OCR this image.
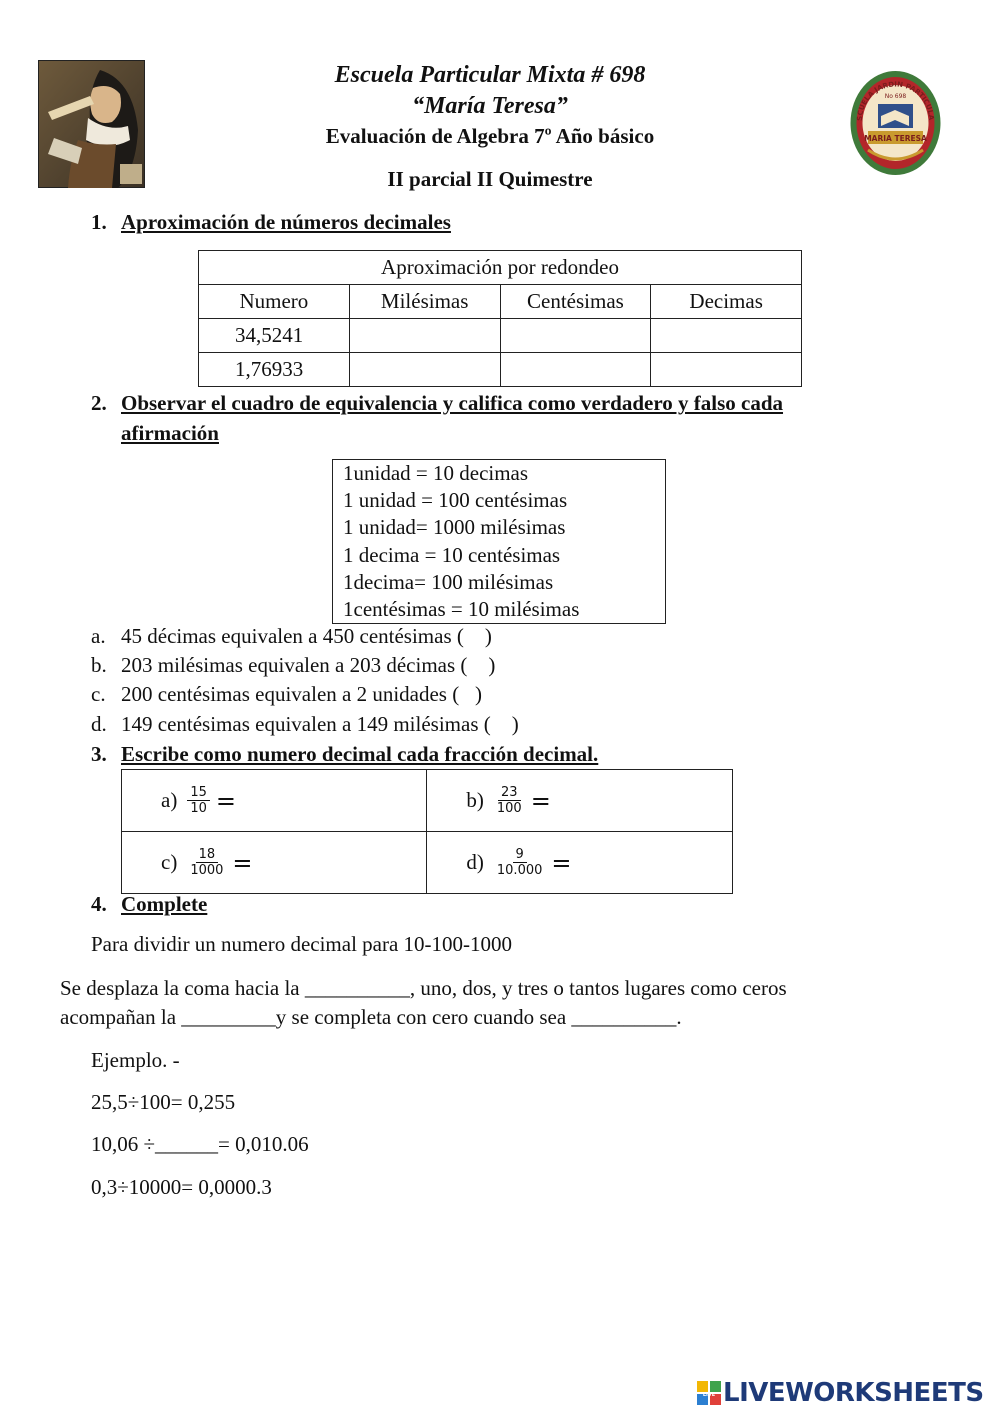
Escuela Particular Mixta # 698
“María Teresa”
Evaluación de Algebra 7º Año básico
II parcial II Quimestre
SCUELA JARDIN PARTICULA
No 698
MARIA TERESA
1. Aproximación de números decimales
Aproximación por redondeo			
Numero	Milésimas	Centésimas	Decimas
34,5241			
1,76933			
2. Observar el cuadro de equivalencia y califica como verdadero y falso cada
afirmación
1unidad = 10 decimas
1 unidad = 100 centésimas
1 unidad= 1000 milésimas
1 decima = 10 centésimas
1decima= 100 milésimas
1centésimas = 10 milésimas
a. 45 décimas equivalen a 450 centésimas (    )
b. 203 milésimas equivalen a 203 décimas (    )
c. 200 centésimas equivalen a 2 unidades (   )
d. 149 centésimas equivalen a 149 milésimas (    )
3. Escribe como numero decimal cada fracción decimal.
$a) \frac{15}{10}$ =	$b) \frac{23}{100}$ =

$c) \frac{18}{1000}$ =	$d) \frac{9}{10.000}$ =
4. Complete
Para dividir un numero decimal para 10-100-1000
Se desplaza la coma hacia la __________, uno, dos, y tres o tantos lugares como ceros
acompañan la _________y se completa con cero cuando sea __________.
Ejemplo. -
25,5÷100= 0,255
10,06 ÷______= 0,010.06
0,3÷10000= 0,0000.3
LIVE LIVEWORKSHEETS
